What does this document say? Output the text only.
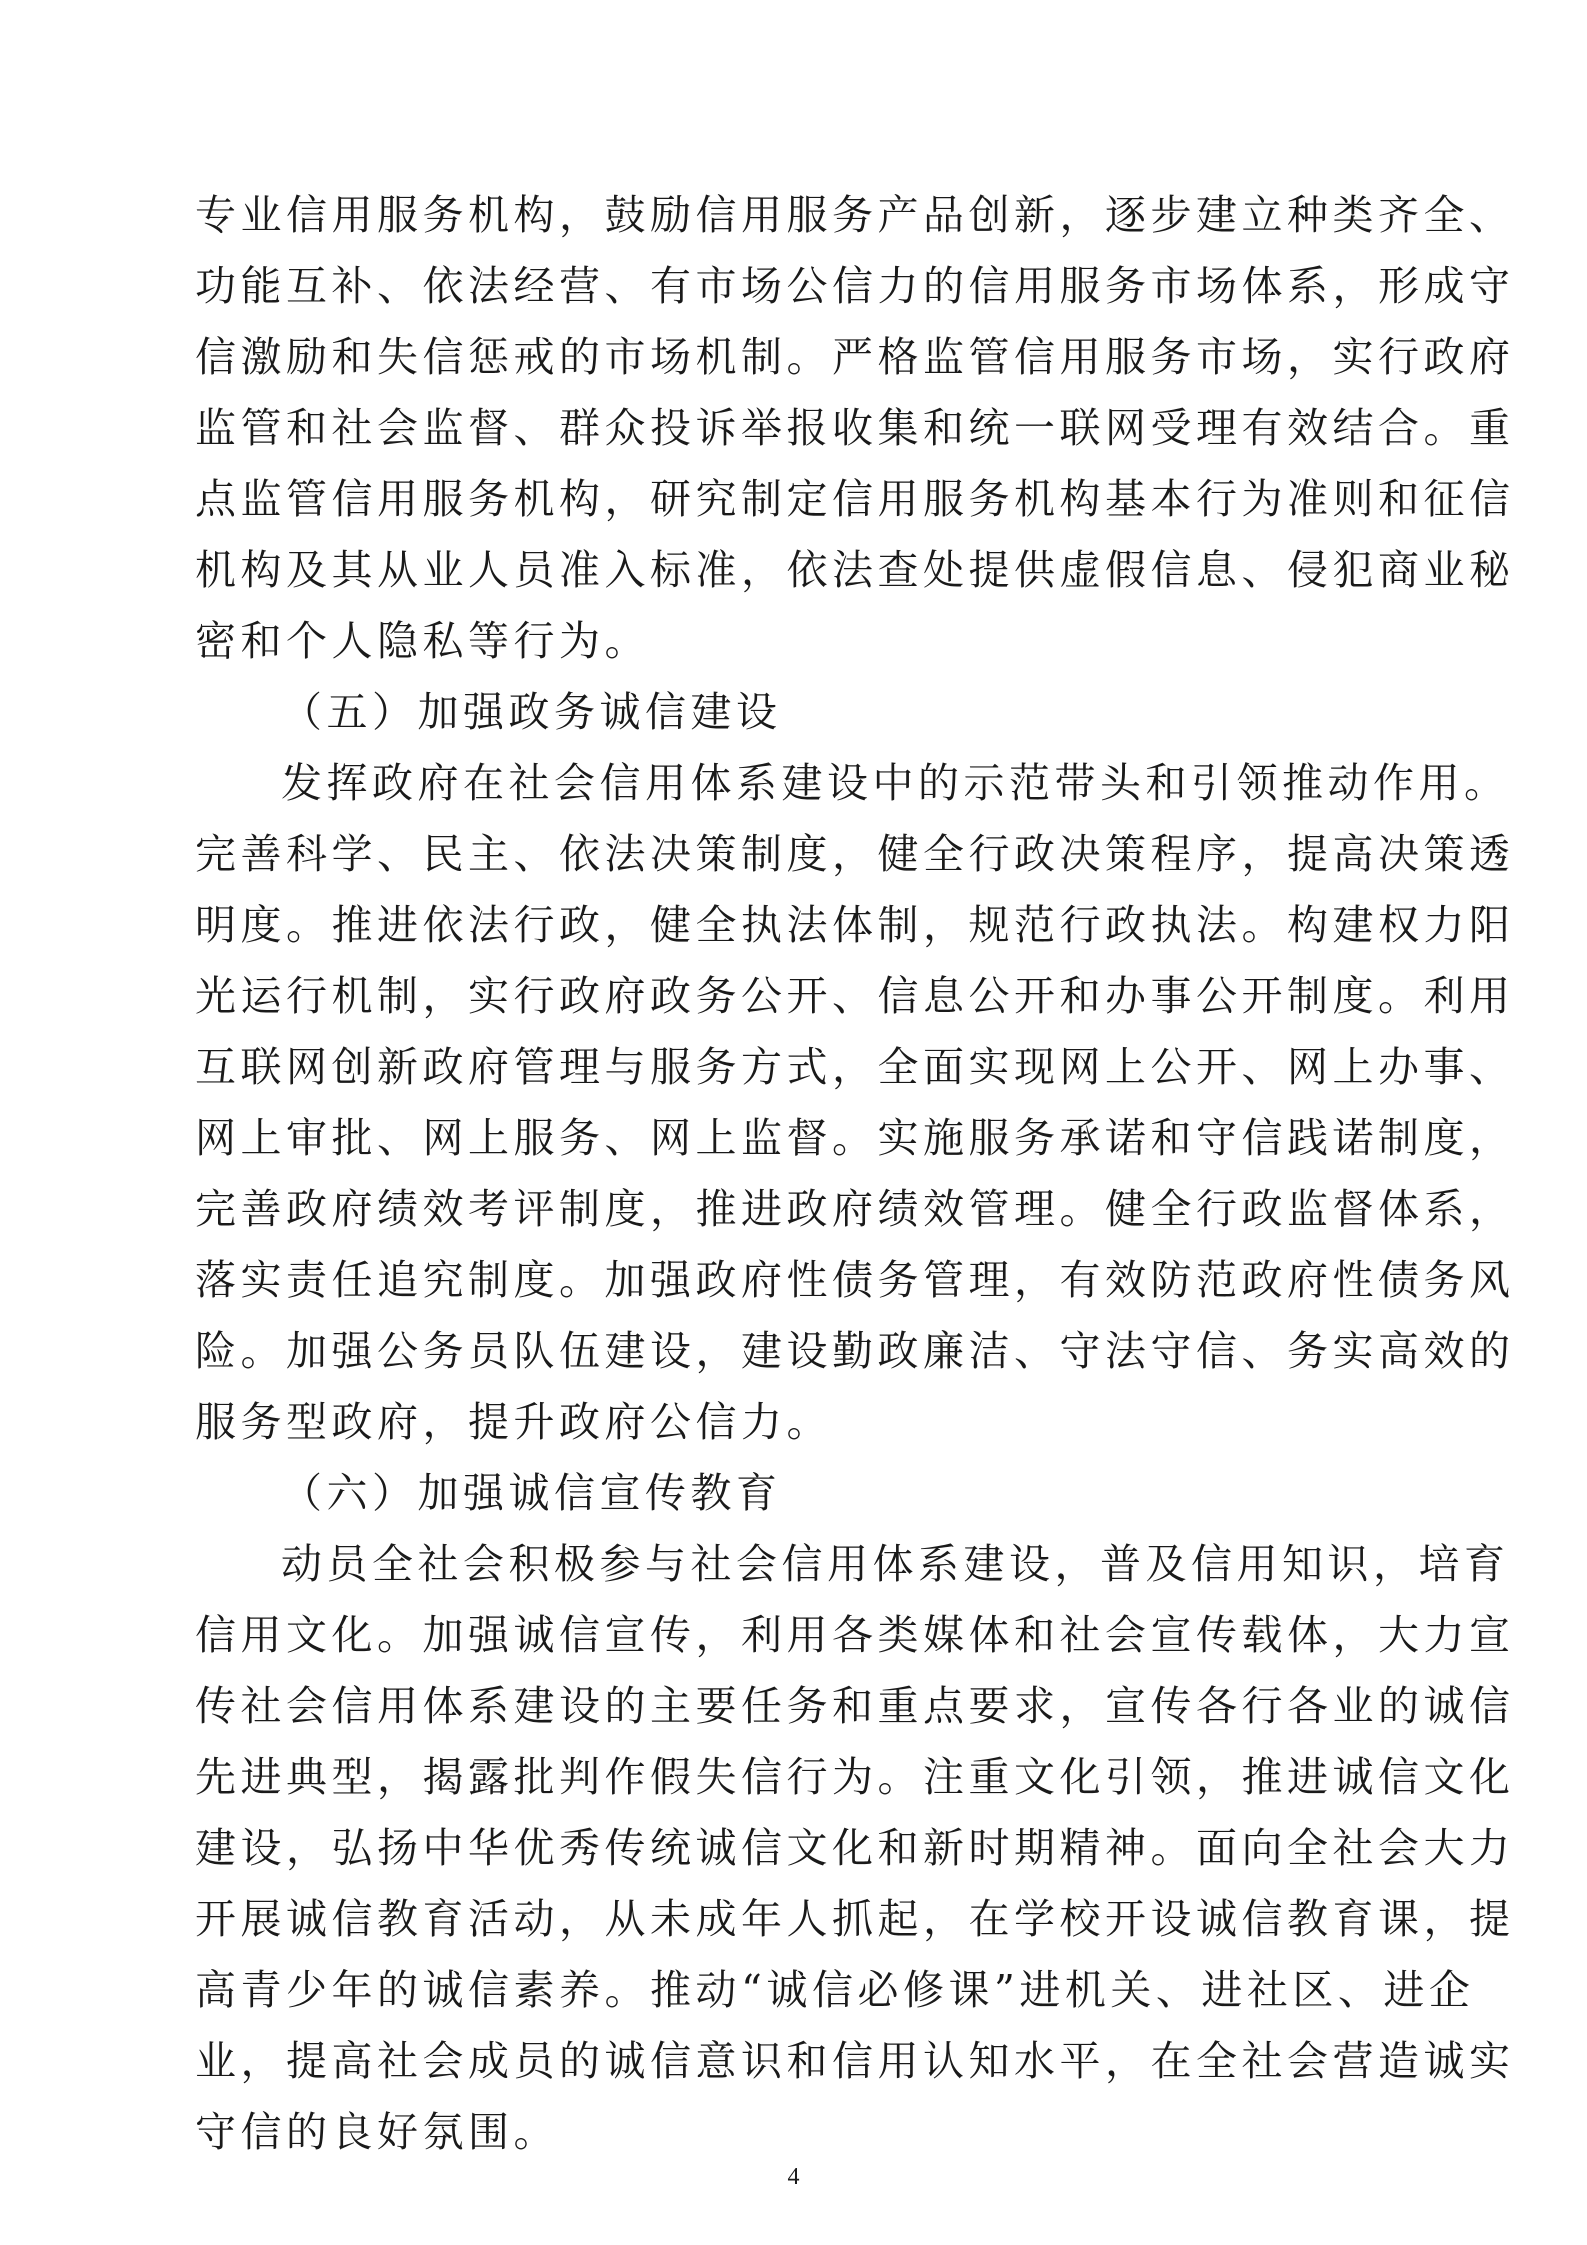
专业信用服务机构，鼓励信用服务产品创新，逐步建立种类齐全、
功能互补、依法经营、有市场公信力的信用服务市场体系，形成守
信激励和失信惩戒的市场机制。严格监管信用服务市场，实行政府
监管和社会监督、群众投诉举报收集和统一联网受理有效结合。重
点监管信用服务机构，研究制定信用服务机构基本行为准则和征信
机构及其从业人员准入标准，依法查处提供虚假信息、侵犯商业秘
密和个人隐私等行为。
（五）加强政务诚信建设
发挥政府在社会信用体系建设中的示范带头和引领推动作用。
完善科学、民主、依法决策制度，健全行政决策程序，提高决策透
明度。推进依法行政，健全执法体制，规范行政执法。构建权力阳
光运行机制，实行政府政务公开、信息公开和办事公开制度。利用
互联网创新政府管理与服务方式，全面实现网上公开、网上办事、
网上审批、网上服务、网上监督。实施服务承诺和守信践诺制度，
完善政府绩效考评制度，推进政府绩效管理。健全行政监督体系，
落实责任追究制度。加强政府性债务管理，有效防范政府性债务风
险。加强公务员队伍建设，建设勤政廉洁、守法守信、务实高效的
服务型政府，提升政府公信力。
（六）加强诚信宣传教育
动员全社会积极参与社会信用体系建设，普及信用知识，培育
信用文化。加强诚信宣传，利用各类媒体和社会宣传载体，大力宣
传社会信用体系建设的主要任务和重点要求，宣传各行各业的诚信
先进典型，揭露批判作假失信行为。注重文化引领，推进诚信文化
建设，弘扬中华优秀传统诚信文化和新时期精神。面向全社会大力
开展诚信教育活动，从未成年人抓起，在学校开设诚信教育课，提
高青少年的诚信素养。推动“诚信必修课”进机关、进社区、进企
业，提高社会成员的诚信意识和信用认知水平，在全社会营造诚实
守信的良好氛围。
4
